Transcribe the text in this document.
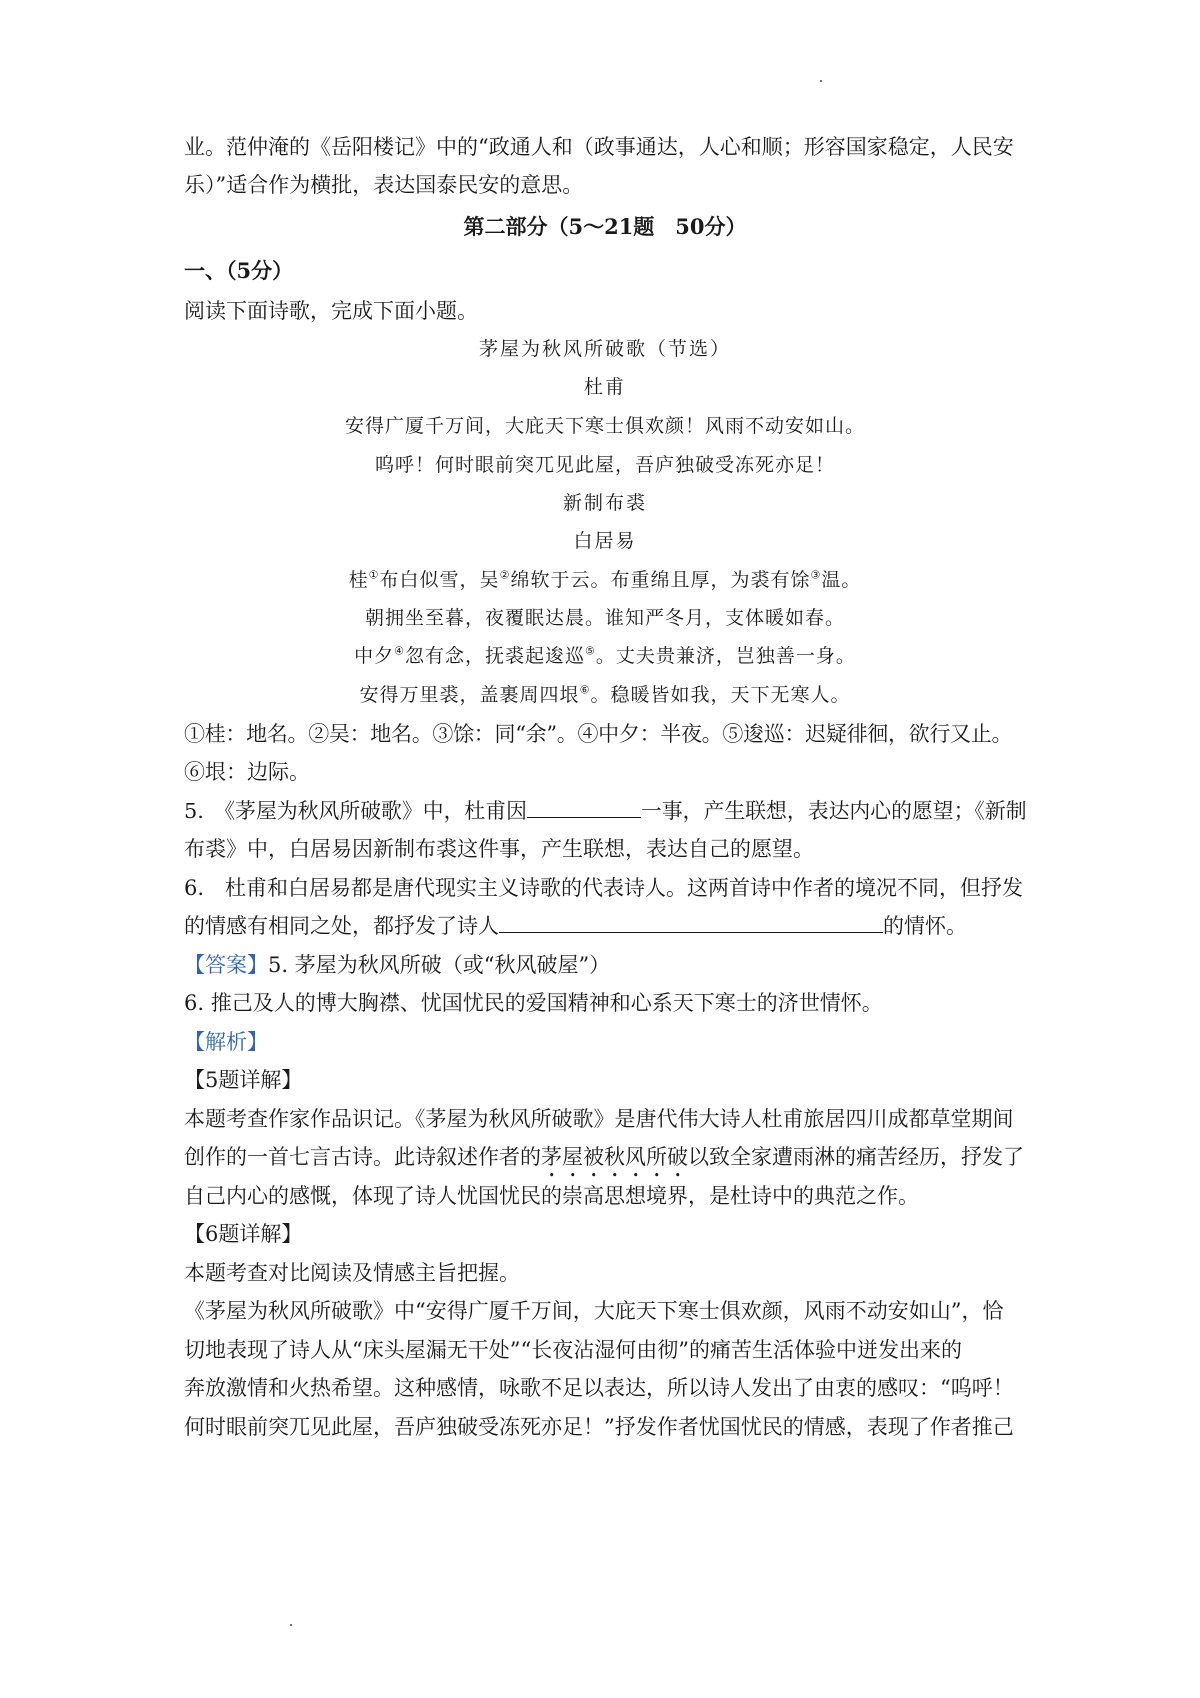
业。范仲淹的《岳阳楼记》中的“政通人和（政事通达，人心和顺；形容国家稳定，人民安
乐）”适合作为横批，表达国泰民安的意思。
第二部分（5～21题　50分）
一、（5分）
阅读下面诗歌，完成下面小题。
茅屋为秋风所破歌（节选）
杜甫
安得广厦千万间，大庇天下寒士俱欢颜！风雨不动安如山。
呜呼！何时眼前突兀见此屋，吾庐独破受冻死亦足！
新制布裘
白居易
桂①布白似雪，吴②绵软于云。布重绵且厚，为裘有馀③温。
朝拥坐至暮，夜覆眠达晨。谁知严冬月，支体暖如春。
中夕④忽有念，抚裘起逡巡⑤。丈夫贵兼济，岂独善一身。
安得万里裘，盖裹周四垠⑥。稳暖皆如我，天下无寒人。
①桂：地名。②吴：地名。③馀：同“余”。④中夕：半夜。⑤逡巡：迟疑徘徊，欲行又止。
⑥垠：边际。
5.　《茅屋为秋风所破歌》中，杜甫因	一事，产生联想，表达内心的愿望；《新制
布裘》中，白居易因新制布裘这件事，产生联想，表达自己的愿望。
6.　杜甫和白居易都是唐代现实主义诗歌的代表诗人。这两首诗中作者的境况不同，但抒发
的情感有相同之处，都抒发了诗人	的情怀。
【答案】5. 茅屋为秋风所破（或“秋风破屋”）
6. 推己及人的博大胸襟、忧国忧民的爱国精神和心系天下寒士的济世情怀。
【解析】
【5题详解】
本题考查作家作品识记。《茅屋为秋风所破歌》是唐代伟大诗人杜甫旅居四川成都草堂期间
创作的一首七言古诗。此诗叙述作者的茅屋被秋风所破以致全家遭雨淋的痛苦经历，抒发了
自己内心的感慨，体现了诗人忧国忧民的崇高思想境界，是杜诗中的典范之作。
【6题详解】
本题考查对比阅读及情感主旨把握。
《茅屋为秋风所破歌》中“安得广厦千万间，大庇天下寒士俱欢颜，风雨不动安如山”，恰
切地表现了诗人从“床头屋漏无干处”“长夜沾湿何由彻”的痛苦生活体验中迸发出来的
奔放激情和火热希望。这种感情，咏歌不足以表达，所以诗人发出了由衷的感叹：“呜呼！
何时眼前突兀见此屋，吾庐独破受冻死亦足！”抒发作者忧国忧民的情感，表现了作者推己
